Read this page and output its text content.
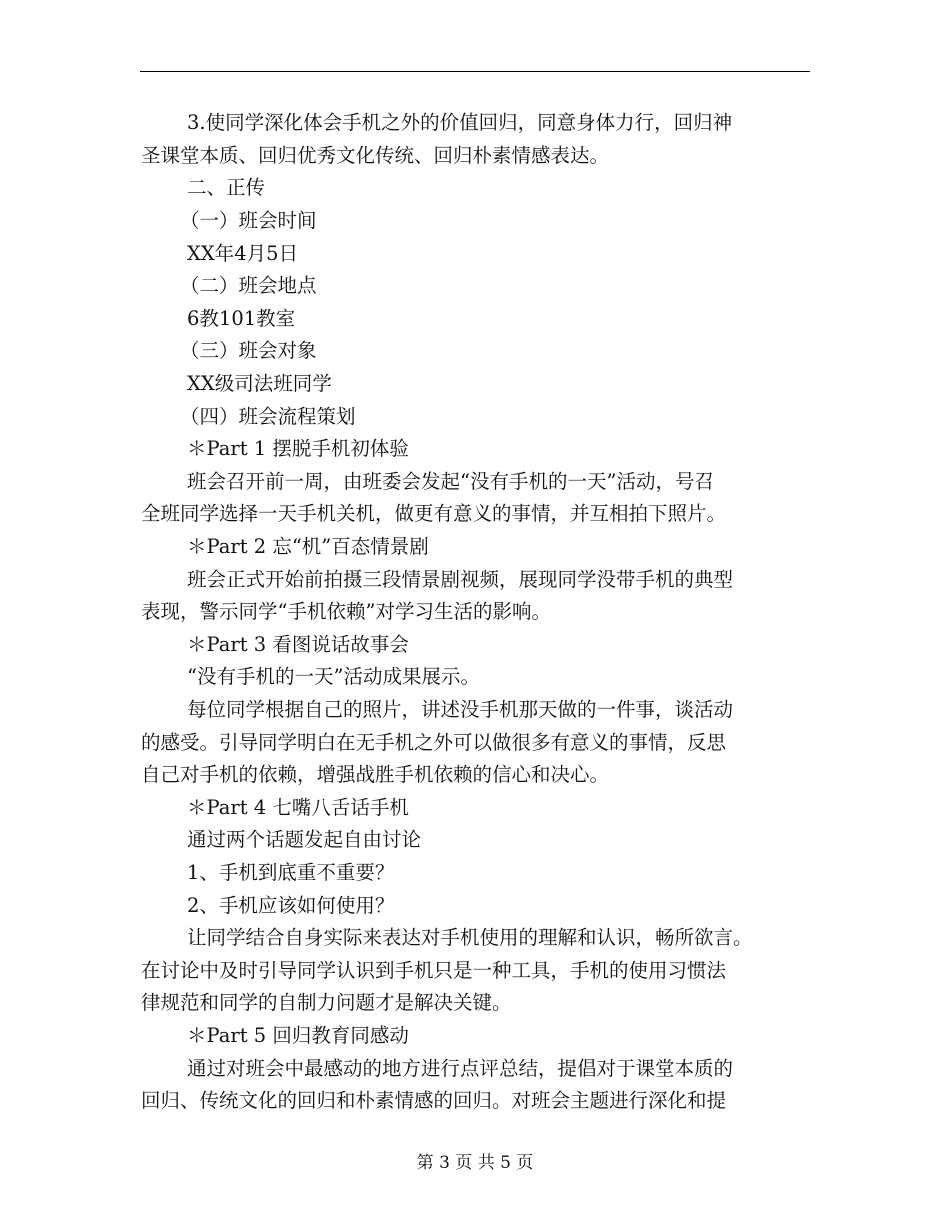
3.使同学深化体会手机之外的价值回归，同意身体力行，回归神
圣课堂本质、回归优秀文化传统、回归朴素情感表达。
二、正传
（一）班会时间
XX年4月5日
（二）班会地点
6教101教室
（三）班会对象
XX级司法班同学
（四）班会流程策划
＊Part 1 摆脱手机初体验
班会召开前一周，由班委会发起“没有手机的一天”活动，号召
全班同学选择一天手机关机，做更有意义的事情，并互相拍下照片。
＊Part 2 忘“机”百态情景剧
班会正式开始前拍摄三段情景剧视频，展现同学没带手机的典型
表现，警示同学“手机依赖”对学习生活的影响。
＊Part 3 看图说话故事会
“没有手机的一天”活动成果展示。
每位同学根据自己的照片，讲述没手机那天做的一件事，谈活动
的感受。引导同学明白在无手机之外可以做很多有意义的事情，反思
自己对手机的依赖，增强战胜手机依赖的信心和决心。
＊Part 4 七嘴八舌话手机
通过两个话题发起自由讨论
1、手机到底重不重要？
2、手机应该如何使用？
让同学结合自身实际来表达对手机使用的理解和认识，畅所欲言。
在讨论中及时引导同学认识到手机只是一种工具，手机的使用习惯法
律规范和同学的自制力问题才是解决关键。
＊Part 5 回归教育同感动
通过对班会中最感动的地方进行点评总结，提倡对于课堂本质的
回归、传统文化的回归和朴素情感的回归。对班会主题进行深化和提
第 3 页 共 5 页
